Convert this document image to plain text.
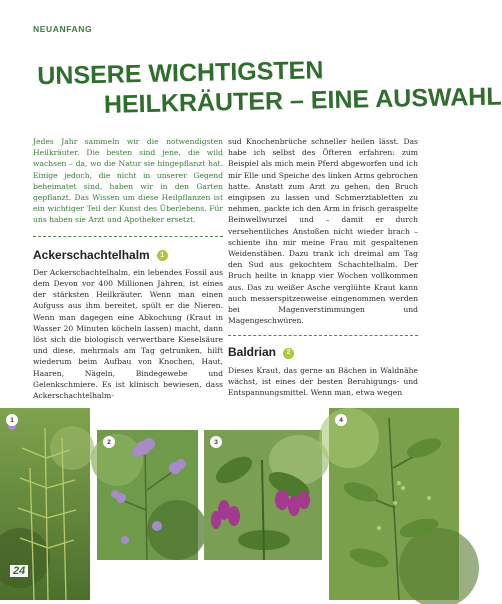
NEUANFANG
UNSERE WICHTIGSTEN
HEILKRÄUTER – EINE AUSWAHL

Jedes Jahr sammeln wir die notwendigsten Heilkräuter. Die besten sind jene, die wild wachsen – da, wo die Natur sie hingepflanzt hat. Einige jedoch, die nicht in unserer Gegend beheimatet sind, haben wir in den Garten gepflanzt. Das Wissen um diese Heilpflanzen ist ein wichtiger Teil der Kunst des Überlebens. Für uns haben sie Arzt und Apotheker ersetzt.

Ackerschachtelhalm	1

Der Ackerschachtelhalm, ein lebendes Fossil aus dem Devon vor 400 Millionen Jahren, ist eines der stärksten Heilkräuter. Wenn man einen Aufguss aus ihm bereitet, spült er die Nieren. Wenn man dagegen eine Abkochung (Kraut in Wasser 20 Minuten köcheln lassen) macht, dann löst sich die biologisch verwertbare Kieselsäure und diese, mehrmals am Tag getrunken, hilft wiederum beim Aufbau von Knochen, Haut, Haaren, Nägeln, Bindegewebe und Gelenkschmiere. Es ist klinisch bewiesen, dass Ackerschachtelhalm-

sud Knochenbrüche schneller heilen lässt. Das habe ich selbst des Öfteren erfahren: zum Beispiel als mich mein Pferd abgeworfen und ich mir Elle und Speiche des linken Arms gebrochen hatte. Anstatt zum Arzt zu gehen, den Bruch eingipsen zu lassen und Schmerztabletten zu nehmen, packte ich den Arm in frisch geraspelte Beinwellwurzel und – damit er durch versehentliches Anstoßen nicht wieder brach – schiente ihn mir meine Frau mit gespaltenen Weidenstäben. Dazu trank ich dreimal am Tag den Sud aus gekochtem Schachtelhalm. Der Bruch heilte in knapp vier Wochen vollkommen aus. Das zu weißer Asche verglühte Kraut kann auch messerspitzenweise eingenommen werden bei Magenverstimmungen und Magengeschwüren.

Baldrian	2

Dieses Kraut, das gerne an Bächen in Waldnähe wächst, ist eines der besten Beruhigungs- und Entspannungsmittel. Wenn man, etwa wegen

1
2	3
4
24
